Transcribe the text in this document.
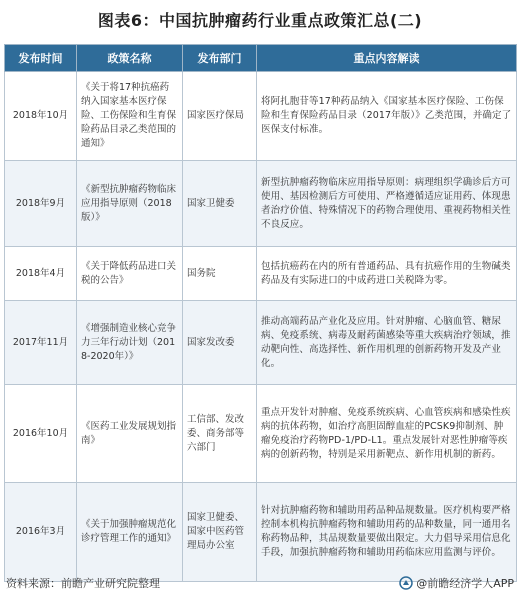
图表6：中国抗肿瘤药行业重点政策汇总(二)
发布时间	政策名称	发布部门	重点内容解读
2018年10月	《关于将17种抗癌药纳入国家基本医疗保险、工伤保险和生育保险药品目录乙类范围的通知》	国家医疗保局	将阿扎胞苷等17种药品纳入《国家基本医疗保险、工伤保险和生育保险药品目录（2017年版）》乙类范围，并确定了医保支付标准。
2018年9月	《新型抗肿瘤药物临床应用指导原则（2018版）》	国家卫健委	新型抗肿瘤药物临床应用指导原则：病理组织学确诊后方可使用、基因检测后方可使用、严格遵循适应证用药、体现患者治疗价值、特殊情况下的药物合理使用、重视药物相关性不良反应。
2018年4月	《关于降低药品进口关税的公告》	国务院	包括抗癌药在内的所有普通药品、具有抗癌作用的生物碱类药品及有实际进口的中成药进口关税降为零。
2017年11月	《增强制造业核心竞争力三年行动计划（2018-2020年）》	国家发改委	推动高端药品产业化及应用。针对肿瘤、心脑血管、糖尿病、免疫系统、病毒及耐药菌感染等重大疾病治疗领域，推动靶向性、高选择性、新作用机理的创新药物开发及产业化。
2016年10月	《医药工业发展规划指南》	工信部、发改委、商务部等六部门	重点开发针对肿瘤、免疫系统疾病、心血管疾病和感染性疾病的抗体药物，如治疗高胆固醇血症的PCSK9抑制剂、肿瘤免疫治疗药物PD-1/PD-L1。重点发展针对恶性肿瘤等疾病的创新药物，特别是采用新靶点、新作用机制的新药。
2016年3月	《关于加强肿瘤规范化诊疗管理工作的通知》	国家卫健委、国家中医药管理局办公室	针对抗肿瘤药物和辅助用药品种品规数量。医疗机构要严格控制本机构抗肿瘤药物和辅助用药的品种数量，同一通用名称药物品种，其品规数量要做出限定。大力倡导采用信息化手段，加强抗肿瘤药物和辅助用药临床应用监测与评价。
资料来源：前瞻产业研究院整理	@前瞻经济学人APP
